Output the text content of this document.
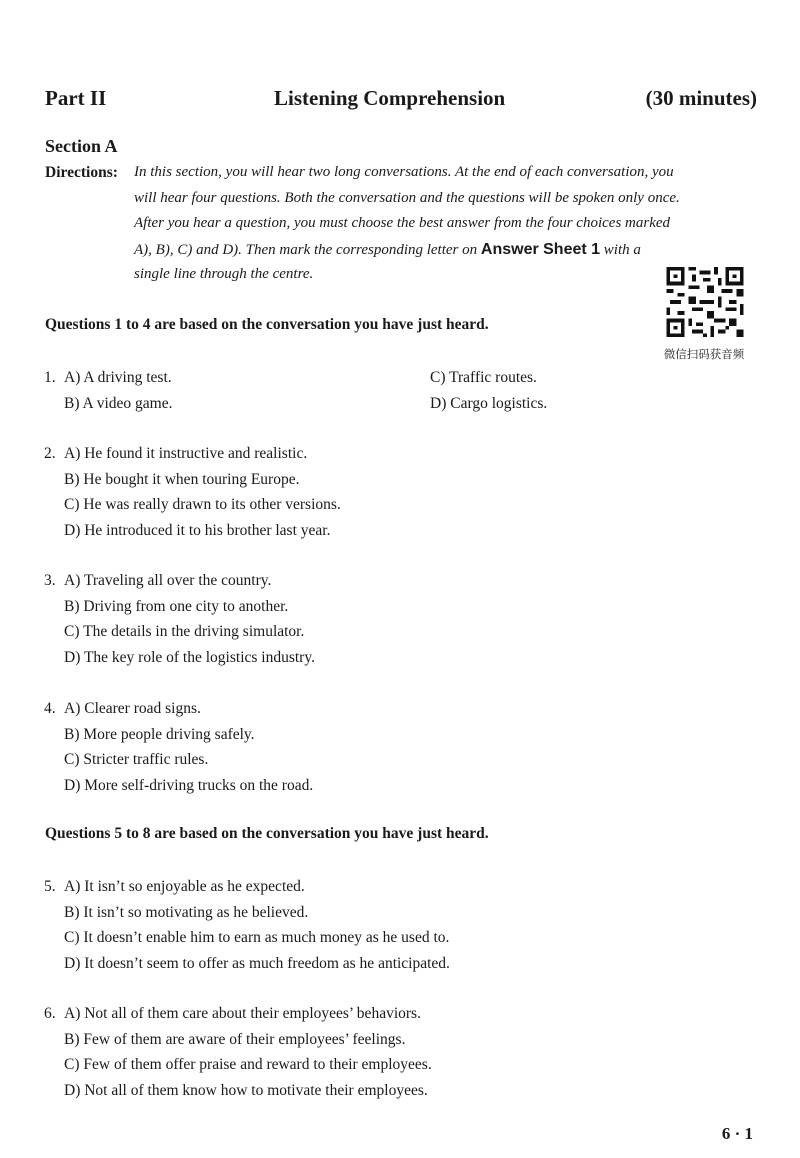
Part II	Listening Comprehension	(30 minutes)
Section A
Directions: In this section, you will hear two long conversations. At the end of each conversation, you
will hear four questions. Both the conversation and the questions will be spoken only once.
After you hear a question, you must choose the best answer from the four choices marked
A), B), C) and D). Then mark the corresponding letter on Answer Sheet 1 with a
single line through the centre.
微信扫码获音频
Questions 1 to 4 are based on the conversation you have just heard.
1. A) A driving test.	C) Traffic routes.
B) A video game.	D) Cargo logistics.
2. A) He found it instructive and realistic.
B) He bought it when touring Europe.
C) He was really drawn to its other versions.
D) He introduced it to his brother last year.
3. A) Traveling all over the country.
B) Driving from one city to another.
C) The details in the driving simulator.
D) The key role of the logistics industry.
4. A) Clearer road signs.
B) More people driving safely.
C) Stricter traffic rules.
D) More self-driving trucks on the road.
Questions 5 to 8 are based on the conversation you have just heard.
5. A) It isn’t so enjoyable as he expected.
B) It isn’t so motivating as he believed.
C) It doesn’t enable him to earn as much money as he used to.
D) It doesn’t seem to offer as much freedom as he anticipated.
6. A) Not all of them care about their employees’ behaviors.
B) Few of them are aware of their employees’ feelings.
C) Few of them offer praise and reward to their employees.
D) Not all of them know how to motivate their employees.
6 · 1
